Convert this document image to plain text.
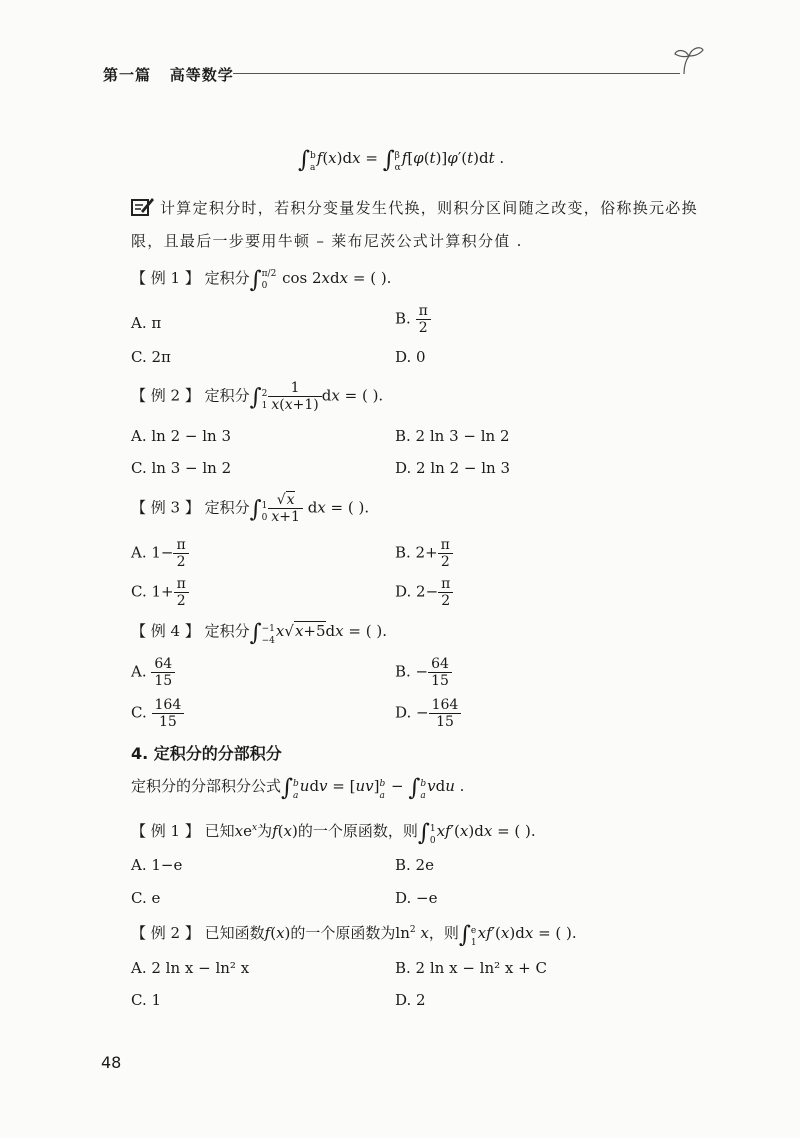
第一篇 高等数学
∫b
af(x)dx = ∫β
αf[φ(t)]φ′(t)dt .
计算定积分时，若积分变量发生代换，则积分区间随之改变，俗称换元必换
限，且最后一步要用牛顿 – 莱布尼茨公式计算积分值 .
【 例 1 】 定积分∫π/2
0 cos 2xdx = ( ).
A. π	B. $\frac{\pi}{2}$
C. 2π	D. 0
【 例 2 】 定积分∫2
$1 \frac{1}{x(x+1)}$ dx = ( ).
A. ln 2 − ln 3	B. 2 ln 3 − ln 2
C. ln 3 − ln 2	D. 2 ln 2 − ln 3
【 例 3 】 定积分∫1
$0 \frac{√x}{x+1}$ dx = ( ).
A. $1- \frac{\pi}{2}$	B. $2+ \frac{\pi}{2}$
C. $1+ \frac{\pi}{2}$	D. $2- \frac{\pi}{2}$
【 例 4 】 定积分∫−1
−4x√x+5dx = ( ).
A. $\frac{64}{15}$	B. − $\frac{64}{15}$
C. $\frac{164}{15}$	D. − $\frac{164}{15}$
4. 定积分的分部积分
定积分的分部积分公式∫b
audv = [uv]b
a − ∫b
avdu .
【 例 1 】 已知$xe^x$为f(x)的一个原函数，则∫1
0xf′(x)dx = ( ).
A. 1−e	B. 2e
C. e	D. −e
【 例 2 】 已知函数f(x)的一个原函数为$\ln^2 x$，则∫e
1xf′(x)dx = ( ).
A. 2 ln x − ln² x	B. 2 ln x − ln² x + C
C. 1	D. 2
48
